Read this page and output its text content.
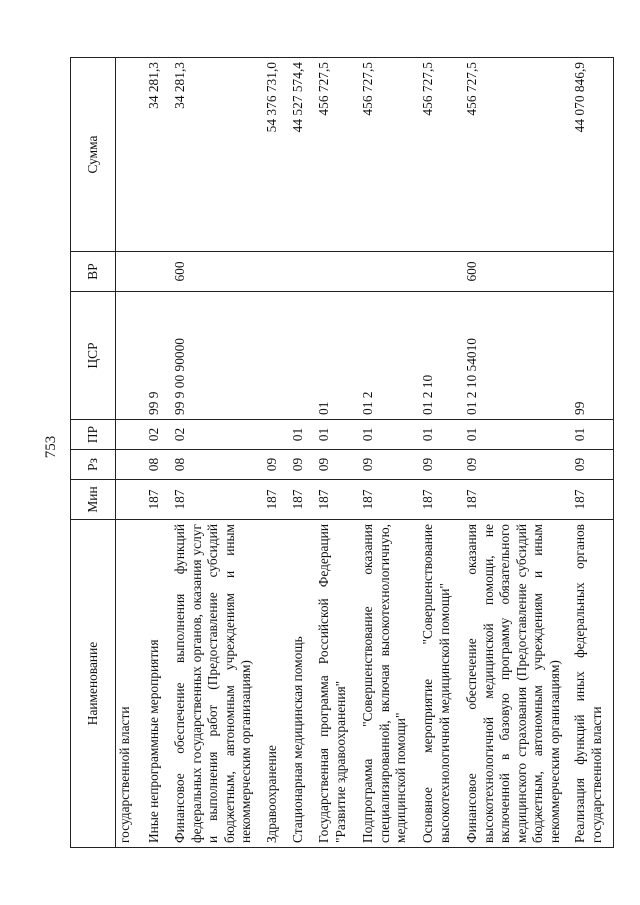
753
Наименование	Мин	Рз	ПР	ЦСР	ВР	Сумма
государственной власти						
Иные непрограммные мероприятия	187	08	02	99 9		34 281,3
Финансовое обеспечение выполнения функций федеральных государственных органов, оказания услуг и выполнения работ (Предоставление субсидий бюджетным, автономным учреждениям и иным некоммерческим организациям)	187	08	02	99 9 00 90000	600	34 281,3
Здравоохранение	187	09				54 376 731,0
Стационарная медицинская помощь	187	09	01			44 527 574,4
Государственная программа Российской Федерации "Развитие здравоохранения"	187	09	01	01		456 727,5
Подпрограмма "Совершенствование оказания специализированной, включая высокотехнологичную, медицинской помощи"	187	09	01	01 2		456 727,5
Основное мероприятие "Совершенствование высокотехнологичной медицинской помощи"	187	09	01	01 2 10		456 727,5
Финансовое обеспечение оказания высокотехнологичной медицинской помощи, не включенной в базовую программу обязательного медицинского страхования (Предоставление субсидий бюджетным, автономным учреждениям и иным некоммерческим организациям)	187	09	01	01 2 10 54010	600	456 727,5
Реализация функций иных федеральных органов государственной власти	187	09	01	99		44 070 846,9
